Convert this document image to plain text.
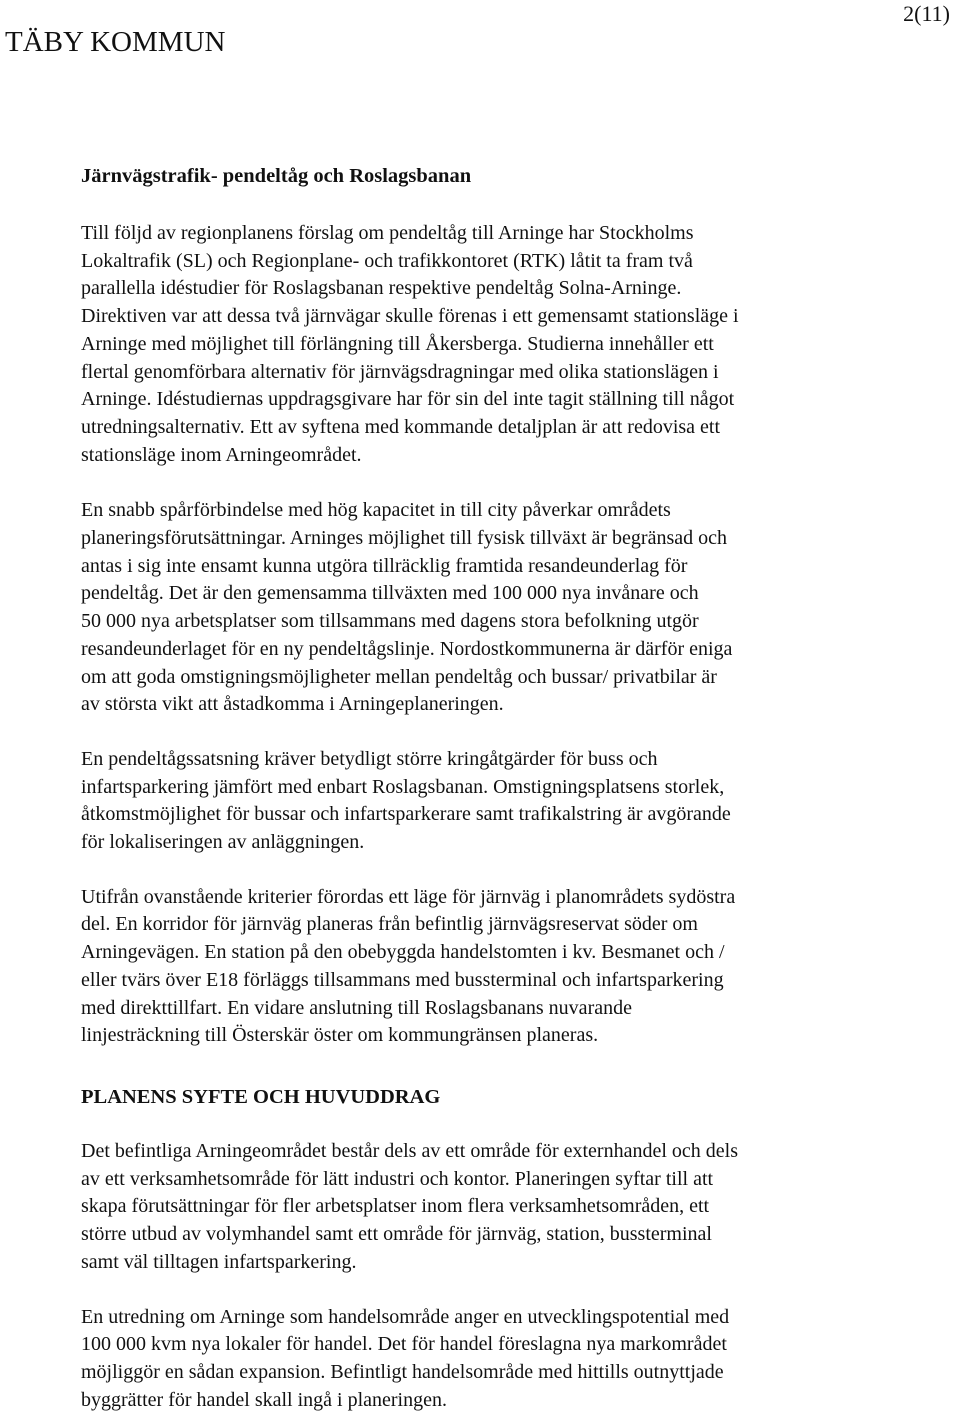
TÄBY KOMMUN
2(11)
Järnvägstrafik- pendeltåg och Roslagsbanan

Till följd av regionplanens förslag om pendeltåg till Arninge har Stockholms
Lokaltrafik (SL) och Regionplane- och trafikkontoret (RTK) låtit ta fram två
parallella idéstudier för Roslagsbanan respektive pendeltåg Solna-Arninge.
Direktiven var att dessa två järnvägar skulle förenas i ett gemensamt stationsläge i
Arninge med möjlighet till förlängning till Åkersberga. Studierna innehåller ett
flertal genomförbara alternativ för järnvägsdragningar med olika stationslägen i
Arninge. Idéstudiernas uppdragsgivare har för sin del inte tagit ställning till något
utredningsalternativ. Ett av syftena med kommande detaljplan är att redovisa ett
stationsläge inom Arningeområdet.

En snabb spårförbindelse med hög kapacitet in till city påverkar områdets
planeringsförutsättningar. Arninges möjlighet till fysisk tillväxt är begränsad och
antas i sig inte ensamt kunna utgöra tillräcklig framtida resandeunderlag för
pendeltåg. Det är den gemensamma tillväxten med 100 000 nya invånare och
50 000 nya arbetsplatser som tillsammans med dagens stora befolkning utgör
resandeunderlaget för en ny pendeltågslinje. Nordostkommunerna är därför eniga
om att goda omstigningsmöjligheter mellan pendeltåg och bussar/ privatbilar är
av största vikt att åstadkomma i Arningeplaneringen.

En pendeltågssatsning kräver betydligt större kringåtgärder för buss och
infartsparkering jämfört med enbart Roslagsbanan. Omstigningsplatsens storlek,
åtkomstmöjlighet för bussar och infartsparkerare samt trafikalstring är avgörande
för lokaliseringen av anläggningen.

Utifrån ovanstående kriterier förordas ett läge för järnväg i planområdets sydöstra
del. En korridor för järnväg planeras från befintlig järnvägsreservat söder om
Arningevägen. En station på den obebyggda handelstomten i kv. Besmanet och /
eller tvärs över E18 förläggs tillsammans med bussterminal och infartsparkering
med direkttillfart. En vidare anslutning till Roslagsbanans nuvarande
linjesträckning till Österskär öster om kommungränsen planeras.

PLANENS SYFTE OCH HUVUDDRAG

Det befintliga Arningeområdet består dels av ett område för externhandel och dels
av ett verksamhetsområde för lätt industri och kontor. Planeringen syftar till att
skapa förutsättningar för fler arbetsplatser inom flera verksamhetsområden, ett
större utbud av volymhandel samt ett område för järnväg, station, bussterminal
samt väl tilltagen infartsparkering.

En utredning om Arninge som handelsområde anger en utvecklingspotential med
100 000 kvm nya lokaler för handel. Det för handel föreslagna nya markområdet
möjliggör en sådan expansion. Befintligt handelsområde med hittills outnyttjade
byggrätter för handel skall ingå i planeringen.
